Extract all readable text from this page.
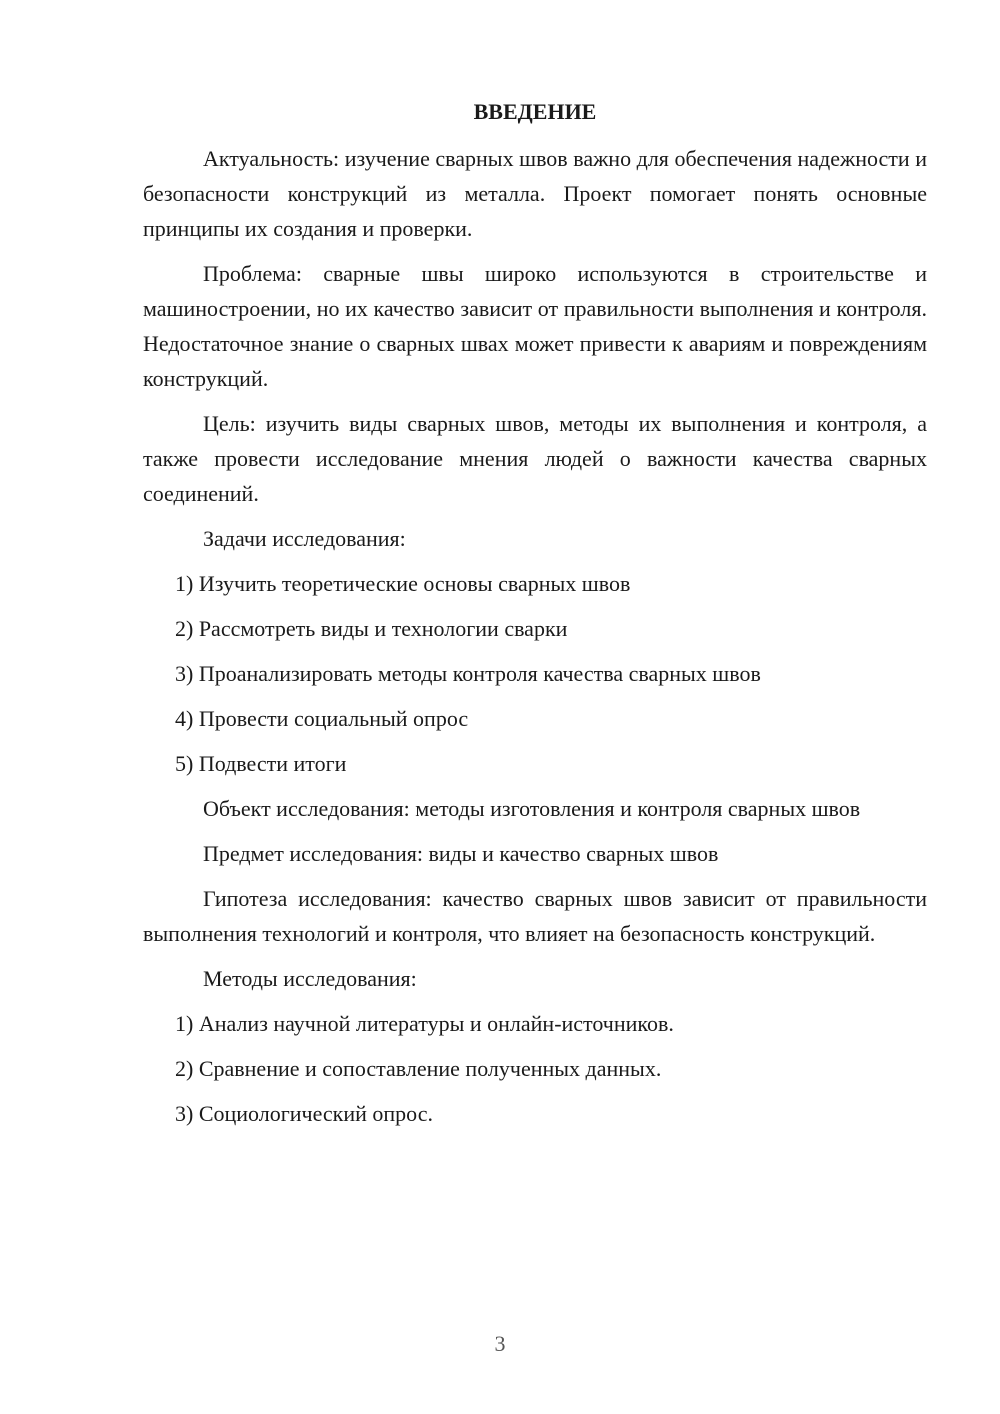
ВВЕДЕНИЕ

Актуальность: изучение сварных швов важно для обеспечения надежности и безопасности конструкций из металла. Проект помогает понять основные принципы их создания и проверки.

Проблема: сварные швы широко используются в строительстве и машиностроении, но их качество зависит от правильности выполнения и контроля. Недостаточное знание о сварных швах может привести к авариям и повреждениям конструкций.

Цель: изучить виды сварных швов, методы их выполнения и контроля, а также провести исследование мнения людей о важности качества сварных соединений.

Задачи исследования:
1) Изучить теоретические основы сварных швов
2) Рассмотреть виды и технологии сварки
3) Проанализировать методы контроля качества сварных швов
4) Провести социальный опрос
5) Подвести итоги

Объект исследования: методы изготовления и контроля сварных швов

Предмет исследования: виды и качество сварных швов

Гипотеза исследования: качество сварных швов зависит от правильности выполнения технологий и контроля, что влияет на безопасность конструкций.

Методы исследования:
1) Анализ научной литературы и онлайн-источников.
2) Сравнение и сопоставление полученных данных.
3) Социологический опрос.
3
